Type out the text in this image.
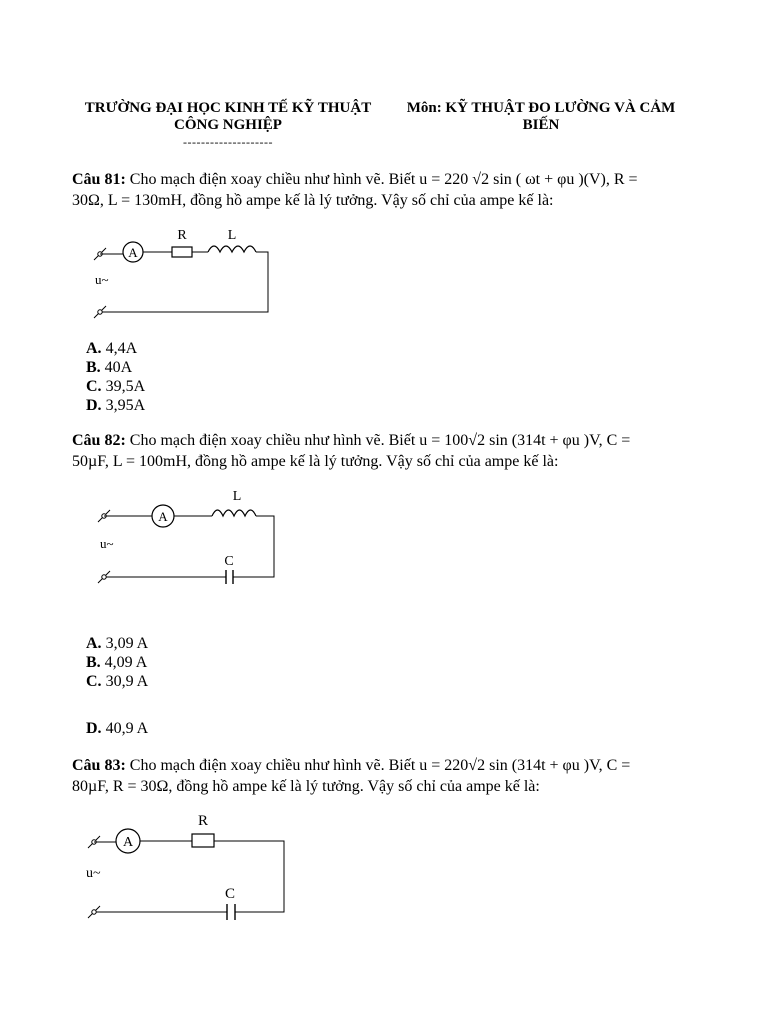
TRƯỜNG ĐẠI HỌC KINH TẾ KỸ THUẬT
CÔNG NGHIỆP
--------------------
Môn: KỸ THUẬT ĐO LƯỜNG VÀ CẢM
BIẾN
Câu 81: Cho mạch điện xoay chiều như hình vẽ. Biết u = 220 √2 sin ( ωt + φu )(V), R =
30Ω, L = 130mH, đồng hồ ampe kế là lý tưởng. Vậy số chỉ của ampe kế là:
A
R	L
u~
A. 4,4A
B. 40A
C. 39,5A
D. 3,95A
Câu 82: Cho mạch điện xoay chiều như hình vẽ. Biết u = 100√2 sin (314t + φu )V, C =
50µF, L = 100mH, đồng hồ ampe kế là lý tưởng. Vậy số chỉ của ampe kế là:
A
L
C
u~
A. 3,09 A
B. 4,09 A
C. 30,9 A
D. 40,9 A
Câu 83: Cho mạch điện xoay chiều như hình vẽ. Biết u = 220√2 sin (314t + φu )V, C =
80µF, R = 30Ω, đồng hồ ampe kế là lý tưởng. Vậy số chỉ của ampe kế là:
A
R
C
u~
